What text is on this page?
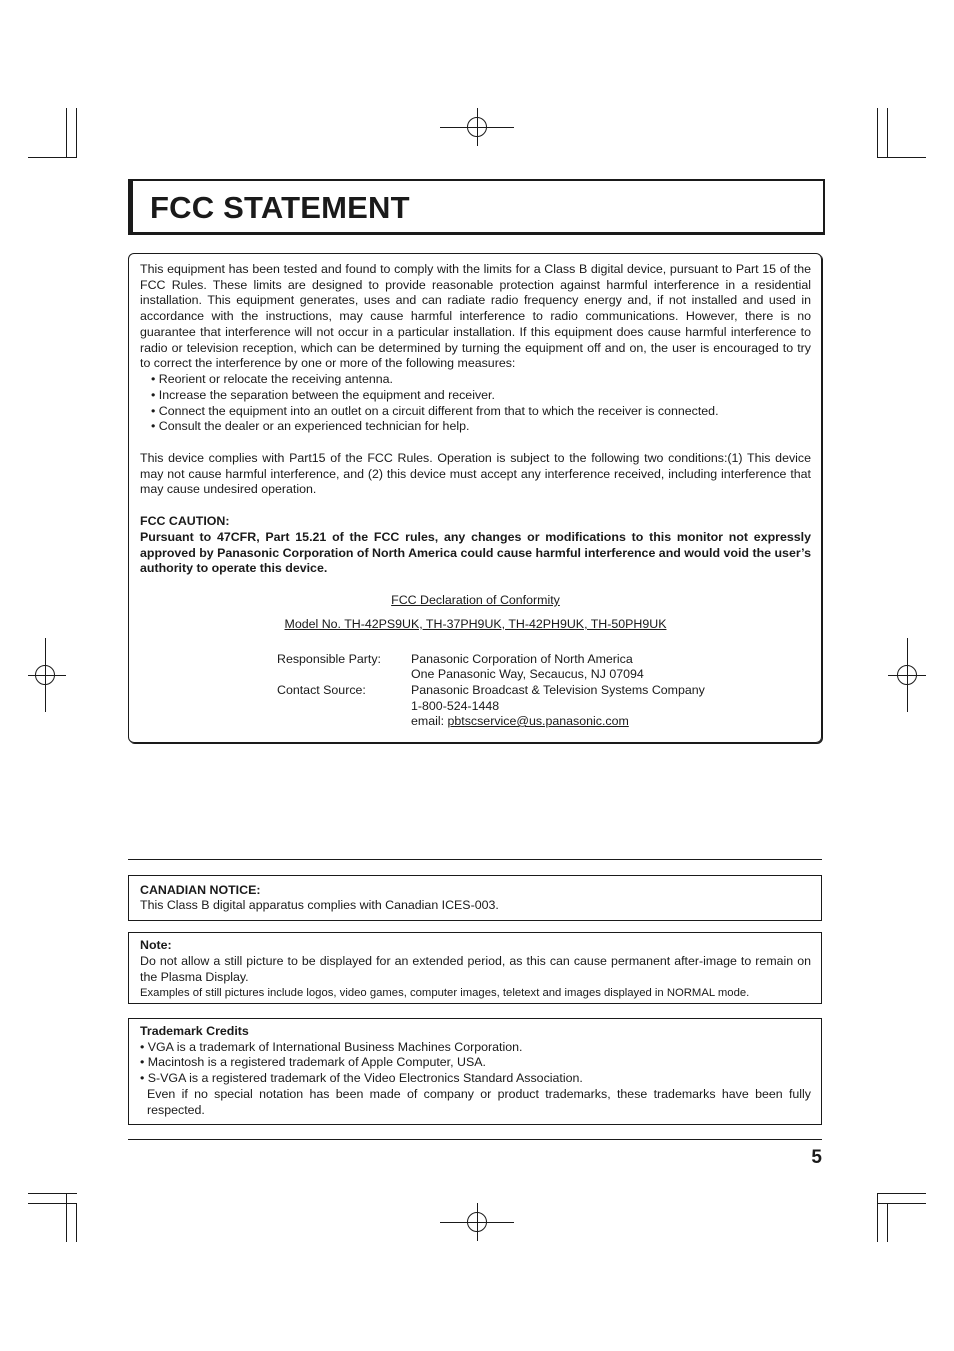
FCC STATEMENT

This equipment has been tested and found to comply with the limits for a Class B digital device, pursuant to Part 15 of the FCC Rules. These limits are designed to provide reasonable protection against harmful interference in a residential installation. This equipment generates, uses and can radiate radio frequency energy and, if not installed and used in accordance with the instructions, may cause harmful interference to radio communications. However, there is no guarantee that interference will not occur in a particular installation. If this equipment does cause harmful interference to radio or television reception, which can be determined by turning the equipment off and on, the user is encouraged to try to correct the interference by one or more of the following measures:

• Reorient or relocate the receiving antenna.
• Increase the separation between the equipment and receiver.
• Connect the equipment into an outlet on a circuit different from that to which the receiver is connected.
• Consult the dealer or an experienced technician for help.

This device complies with Part15 of the FCC Rules. Operation is subject to the following two conditions:(1) This device may not cause harmful interference, and (2) this device must accept any interference received, including interference that may cause undesired operation.

FCC CAUTION:

Pursuant to 47CFR, Part 15.21 of the FCC rules, any changes or modifications to this monitor not expressly approved by Panasonic Corporation of North America could cause harmful interference and would void the user’s authority to operate this device.

FCC Declaration of Conformity
Model No. TH-42PS9UK, TH-37PH9UK, TH-42PH9UK, TH-50PH9UK
Responsible Party: Panasonic Corporation of North America
One Panasonic Way, Secaucus, NJ 07094
Contact Source:	Panasonic Broadcast & Television Systems Company
1-800-524-1448
email: pbtscservice@us.panasonic.com
CANADIAN NOTICE:
This Class B digital apparatus complies with Canadian ICES-003.
Note:

Do not allow a still picture to be displayed for an extended period, as this can cause permanent after-image to remain on the Plasma Display.

Examples of still pictures include logos, video games, computer images, teletext and images displayed in NORMAL mode.
Trademark Credits
• VGA is a trademark of International Business Machines Corporation.
• Macintosh is a registered trademark of Apple Computer, USA.
• S-VGA is a registered trademark of the Video Electronics Standard Association.

Even if no special notation has been made of company or product trademarks, these trademarks have been fully respected.

5
